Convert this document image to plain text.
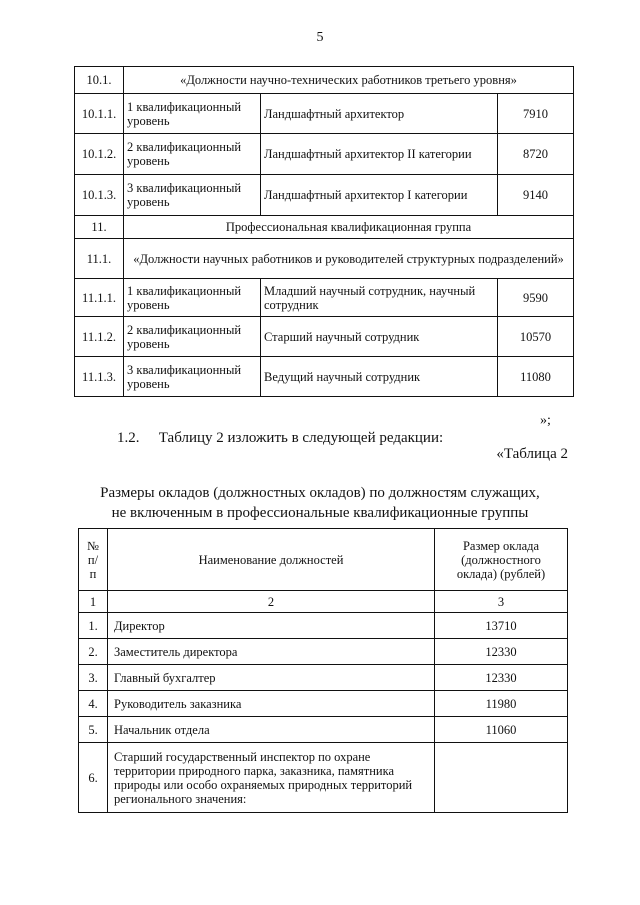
5
10.1.	«Должности научно-технических работников третьего уровня»		
10.1.1.	1 квалификационный уровень	Ландшафтный архитектор	7910
10.1.2.	2 квалификационный уровень	Ландшафтный архитектор II категории	8720
10.1.3.	3 квалификационный уровень	Ландшафтный архитектор I категории	9140
11.	Профессиональная квалификационная группа		
11.1.	«Должности научных работников и руководителей структурных подразделений»		
11.1.1.	1 квалификационный уровень	Младший научный сотрудник, научный сотрудник	9590
11.1.2.	2 квалификационный уровень	Старший научный сотрудник	10570
11.1.3.	3 квалификационный уровень	Ведущий научный сотрудник	11080
»;
1.2. Таблицу 2 изложить в следующей редакции:
«Таблица 2
Размеры окладов (должностных окладов) по должностям служащих,
не включенным в профессиональные квалификационные группы
№ п/п	Наименование должностей	Размер оклада (должностного оклада) (рублей)
1	2	3
1.	Директор	13710
2.	Заместитель директора	12330
3.	Главный бухгалтер	12330
4.	Руководитель заказника	11980
5.	Начальник отдела	11060
6.	Старший государственный инспектор по охране территории природного парка, заказника, памятника природы или особо охраняемых природных территорий регионального значения:	
